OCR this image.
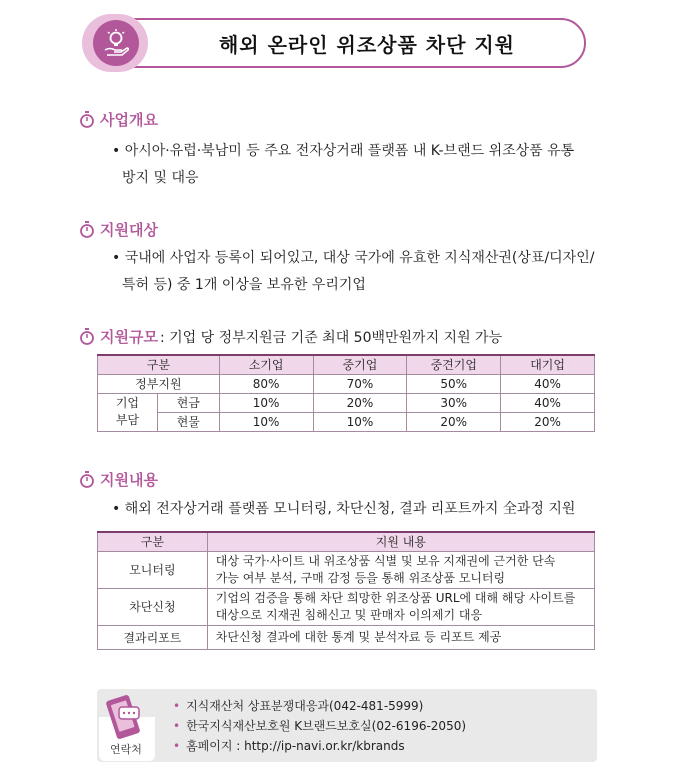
해외 온라인 위조상품 차단 지원
사업개요
• 아시아·유럽·북남미 등 주요 전자상거래 플랫폼 내 K-브랜드 위조상품 유통
방지 및 대응
지원대상
• 국내에 사업자 등록이 되어있고, 대상 국가에 유효한 지식재산권(상표/디자인/
특허 등) 중 1개 이상을 보유한 우리기업
지원규모 : 기업 당 정부지원금 기준 최대 50백만원까지 지원 가능
구분		소기업	중기업	중견기업	대기업
정부지원		80%	70%	50%	40%

기업
부담	현금	10%	20%	30%	40%
	현물	10%	10%	20%	20%
지원내용
• 해외 전자상거래 플랫폼 모니터링, 차단신청, 결과 리포트까지 全과정 지원
구분	지원 내용
모니터링	대상 국가·사이트 내 위조상품 식별 및 보유 지재권에 근거한 단속
가능 여부 분석, 구매 감정 등을 통해 위조상품 모니터링

차단신청	기업의 검증을 통해 차단 희망한 위조상품 URL에 대해 해당 사이트를
대상으로 지재권 침해신고 및 판매자 이의제기 대응

결과리포트	차단신청 결과에 대한 통계 및 분석자료 등 리포트 제공
연락처
• 지식재산처 상표분쟁대응과(042-481-5999)
• 한국지식재산보호원 K브랜드보호실(02-6196-2050)
• 홈페이지 : http://ip-navi.or.kr/kbrands
